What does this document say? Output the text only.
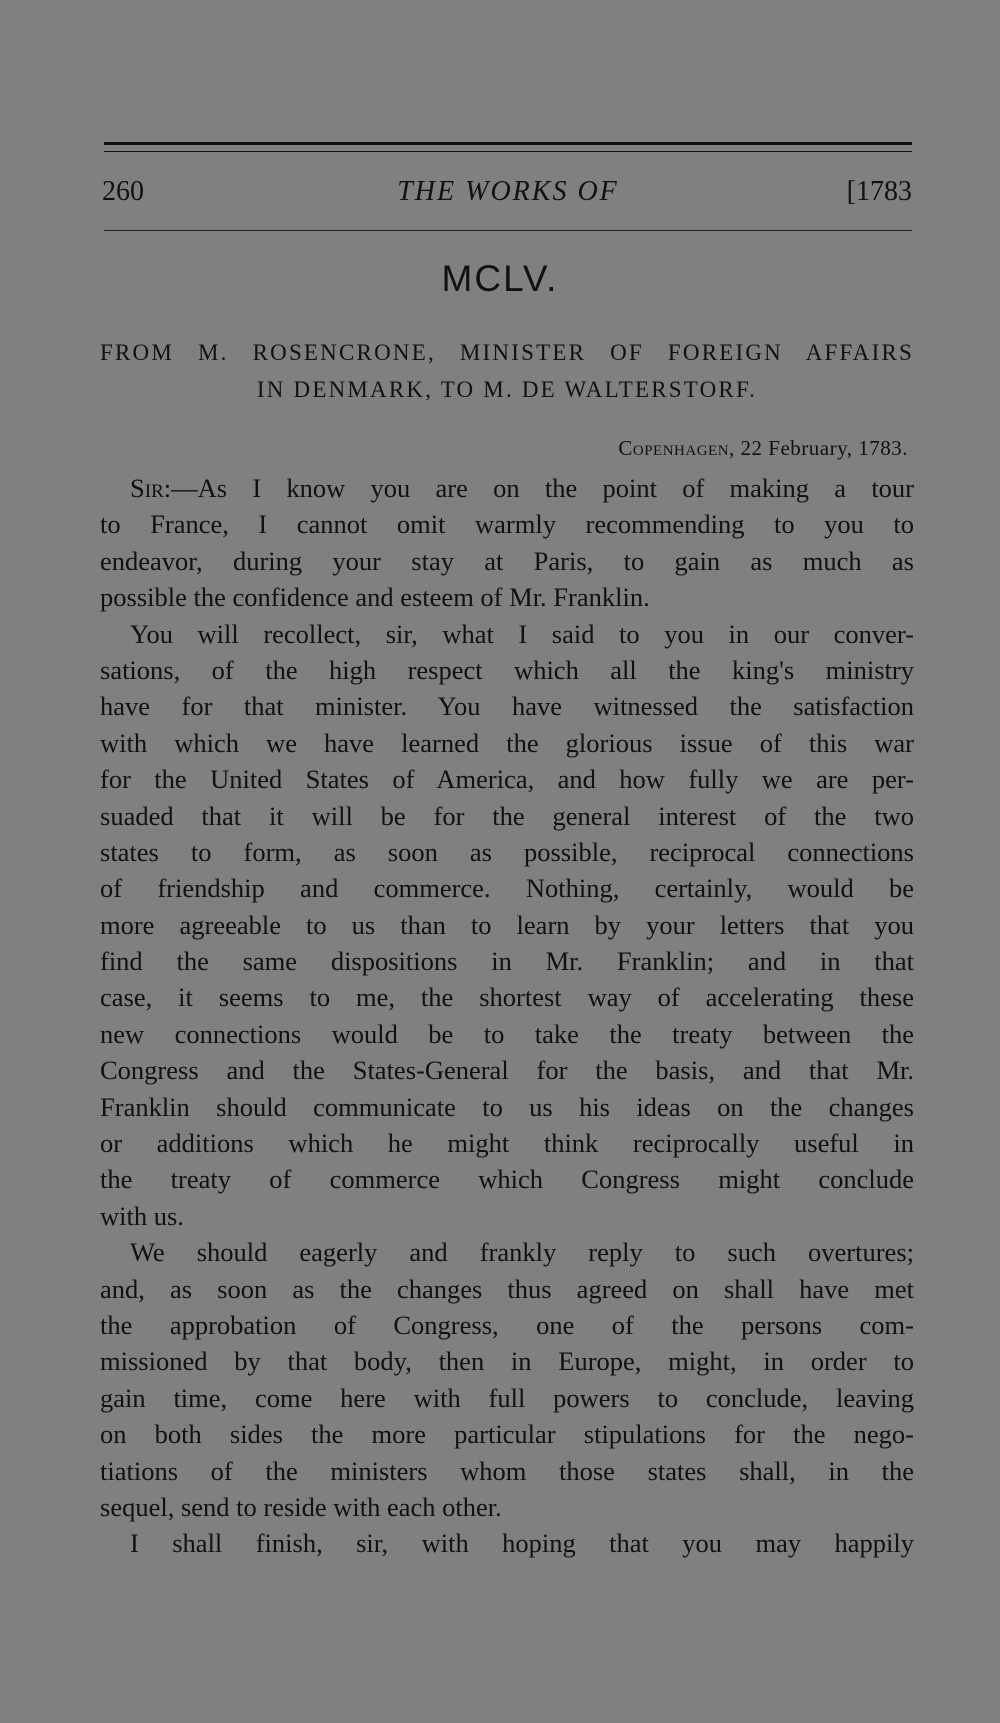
260	THE WORKS OF	[1783
MCLV.
FROM M. ROSENCRONE, MINISTER OF FOREIGN AFFAIRS
IN DENMARK, TO M. DE WALTERSTORF.
Copenhagen, 22 February, 1783.
Sir:—As I know you are on the point of making a tour
to France, I cannot omit warmly recommending to you to
endeavor, during your stay at Paris, to gain as much as
possible the confidence and esteem of Mr. Franklin.
You will recollect, sir, what I said to you in our conver-
sations, of the high respect which all the king's ministry
have for that minister. You have witnessed the satisfaction
with which we have learned the glorious issue of this war
for the United States of America, and how fully we are per-
suaded that it will be for the general interest of the two
states to form, as soon as possible, reciprocal connections
of friendship and commerce. Nothing, certainly, would be
more agreeable to us than to learn by your letters that you
find the same dispositions in Mr. Franklin; and in that
case, it seems to me, the shortest way of accelerating these
new connections would be to take the treaty between the
Congress and the States-General for the basis, and that Mr.
Franklin should communicate to us his ideas on the changes
or additions which he might think reciprocally useful in
the treaty of commerce which Congress might conclude
with us.
We should eagerly and frankly reply to such overtures;
and, as soon as the changes thus agreed on shall have met
the approbation of Congress, one of the persons com-
missioned by that body, then in Europe, might, in order to
gain time, come here with full powers to conclude, leaving
on both sides the more particular stipulations for the nego-
tiations of the ministers whom those states shall, in the
sequel, send to reside with each other.
I shall finish, sir, with hoping that you may happily
